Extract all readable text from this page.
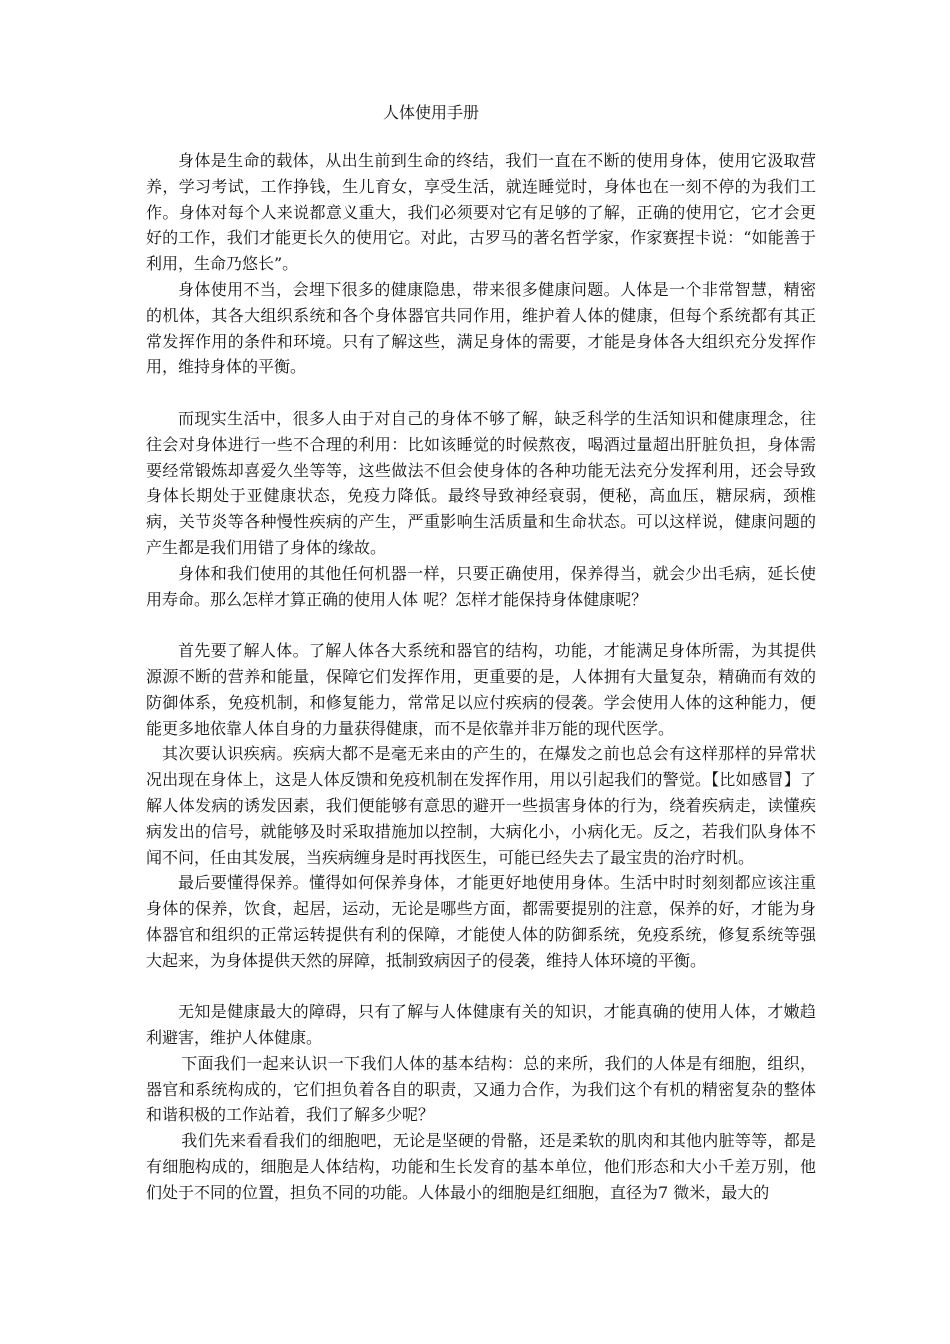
人体使用手册

身体是生命的载体，从出生前到生命的终结，我们一直在不断的使用身体，使用它汲取营养，学习考试，工作挣钱，生儿育女，享受生活，就连睡觉时，身体也在一刻不停的为我们工作。身体对每个人来说都意义重大，我们必须要对它有足够的了解，正确的使用它，它才会更好的工作，我们才能更长久的使用它。对此，古罗马的著名哲学家，作家赛捏卡说：“如能善于利用，生命乃悠长”。

身体使用不当，会埋下很多的健康隐患，带来很多健康问题。人体是一个非常智慧，精密的机体，其各大组织系统和各个身体器官共同作用，维护着人体的健康，但每个系统都有其正常发挥作用的条件和环境。只有了解这些，满足身体的需要，才能是身体各大组织充分发挥作用，维持身体的平衡。

而现实生活中，很多人由于对自己的身体不够了解，缺乏科学的生活知识和健康理念，往往会对身体进行一些不合理的利用：比如该睡觉的时候熬夜，喝酒过量超出肝脏负担，身体需要经常锻炼却喜爱久坐等等，这些做法不但会使身体的各种功能无法充分发挥利用，还会导致身体长期处于亚健康状态，免疫力降低。最终导致神经衰弱，便秘，高血压，糖尿病，颈椎病，关节炎等各种慢性疾病的产生，严重影响生活质量和生命状态。可以这样说，健康问题的产生都是我们用错了身体的缘故。

身体和我们使用的其他任何机器一样，只要正确使用，保养得当，就会少出毛病，延长使用寿命。那么怎样才算正确的使用人体 呢？怎样才能保持身体健康呢？

首先要了解人体。了解人体各大系统和器官的结构，功能，才能满足身体所需，为其提供源源不断的营养和能量，保障它们发挥作用，更重要的是，人体拥有大量复杂，精确而有效的防御体系，免疫机制，和修复能力，常常足以应付疾病的侵袭。学会使用人体的这种能力，便能更多地依靠人体自身的力量获得健康，而不是依靠并非万能的现代医学。

其次要认识疾病。疾病大都不是毫无来由的产生的，在爆发之前也总会有这样那样的异常状况出现在身体上，这是人体反馈和免疫机制在发挥作用，用以引起我们的警觉。【比如感冒】了解人体发病的诱发因素，我们便能够有意思的避开一些损害身体的行为，绕着疾病走，读懂疾病发出的信号，就能够及时采取措施加以控制，大病化小，小病化无。反之，若我们队身体不闻不问，任由其发展，当疾病缠身是时再找医生，可能已经失去了最宝贵的治疗时机。

最后要懂得保养。懂得如何保养身体，才能更好地使用身体。生活中时时刻刻都应该注重身体的保养，饮食，起居，运动，无论是哪些方面，都需要提别的注意，保养的好，才能为身体器官和组织的正常运转提供有利的保障，才能使人体的防御系统，免疫系统，修复系统等强大起来，为身体提供天然的屏障，抵制致病因子的侵袭，维持人体环境的平衡。

无知是健康最大的障碍，只有了解与人体健康有关的知识，才能真确的使用人体，才嫩趋利避害，维护人体健康。

下面我们一起来认识一下我们人体的基本结构：总的来所，我们的人体是有细胞，组织，器官和系统构成的，它们担负着各自的职责，又通力合作，为我们这个有机的精密复杂的整体和谐积极的工作站着，我们了解多少呢？

我们先来看看我们的细胞吧，无论是坚硬的骨骼，还是柔软的肌肉和其他内脏等等，都是有细胞构成的，细胞是人体结构，功能和生长发育的基本单位，他们形态和大小千差万别，他们处于不同的位置，担负不同的功能。人体最小的细胞是红细胞，直径为7 微米，最大的
